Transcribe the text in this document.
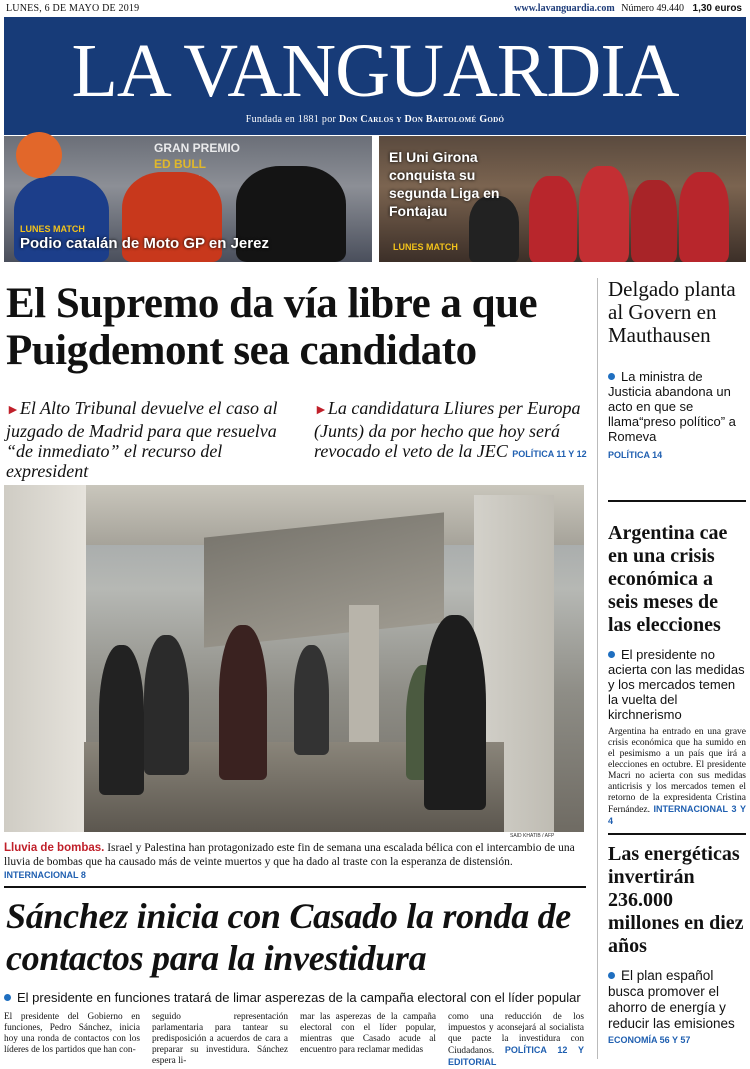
LUNES, 6 DE MAYO DE 2019	www.lavanguardia.com Número 49.440 1,30 euros
LA VANGUARDIA
Fundada en 1881 por Don Carlos y Don Bartolomé Godó
GRAN PREMIO
ED BULL
LUNES MATCH
Podio catalán de Moto GP en Jerez
El Uni Girona conquista su segunda Liga en Fontajau
LUNES MATCH
El Supremo da vía libre a que Puigdemont sea candidato
►El Alto Tribunal devuelve el caso al juzgado de Madrid para que resuelva “de inmediato” el recurso del expresident
►La candidatura Lliures per Europa (Junts) da por hecho que hoy será revocado el veto de la JEC POLÍTICA 11 Y 12
SAID KHATIB / AFP
Lluvia de bombas. Israel y Palestina han protagonizado este fin de semana una escalada bélica con el intercambio de una lluvia de bombas que ha causado más de veinte muertos y que ha dado al traste con la esperanza de distensión. INTERNACIONAL 8
Sánchez inicia con Casado la ronda de contactos para la investidura
El presidente en funciones tratará de limar asperezas de la campaña electoral con el líder popular
El presidente del Gobierno en funciones, Pedro Sánchez, inicia hoy una ronda de contactos con los líderes de los partidos que han con-
seguido representación parlamentaria para tantear su predisposición a acuerdos de cara a preparar su investidura. Sánchez espera li-
mar las asperezas de la campaña electoral con el líder popular, mientras que Casado acude al encuentro para reclamar medidas
como una reducción de los impuestos y aconsejará al socialista que pacte la investidura con Ciudadanos. POLÍTICA 12 Y EDITORIAL
Delgado planta al Govern en Mauthausen
La ministra de Justicia abandona un acto en que se llama“preso político” a Romeva
POLÍTICA 14
Argentina cae en una crisis económica a seis meses de las elecciones
El presidente no acierta con las medidas y los mercados temen la vuelta del kirchnerismo
Argentina ha entrado en una grave crisis económica que ha sumido en el pesimismo a un país que irá a elecciones en octubre. El presidente Macri no acierta con sus medidas anticrisis y los mercados temen el retorno de la expresidenta Cristina Fernández. INTERNACIONAL 3 Y 4
Las energéticas invertirán 236.000 millones en diez años
El plan español busca promover el ahorro de energía y reducir las emisiones
ECONOMÍA 56 Y 57
